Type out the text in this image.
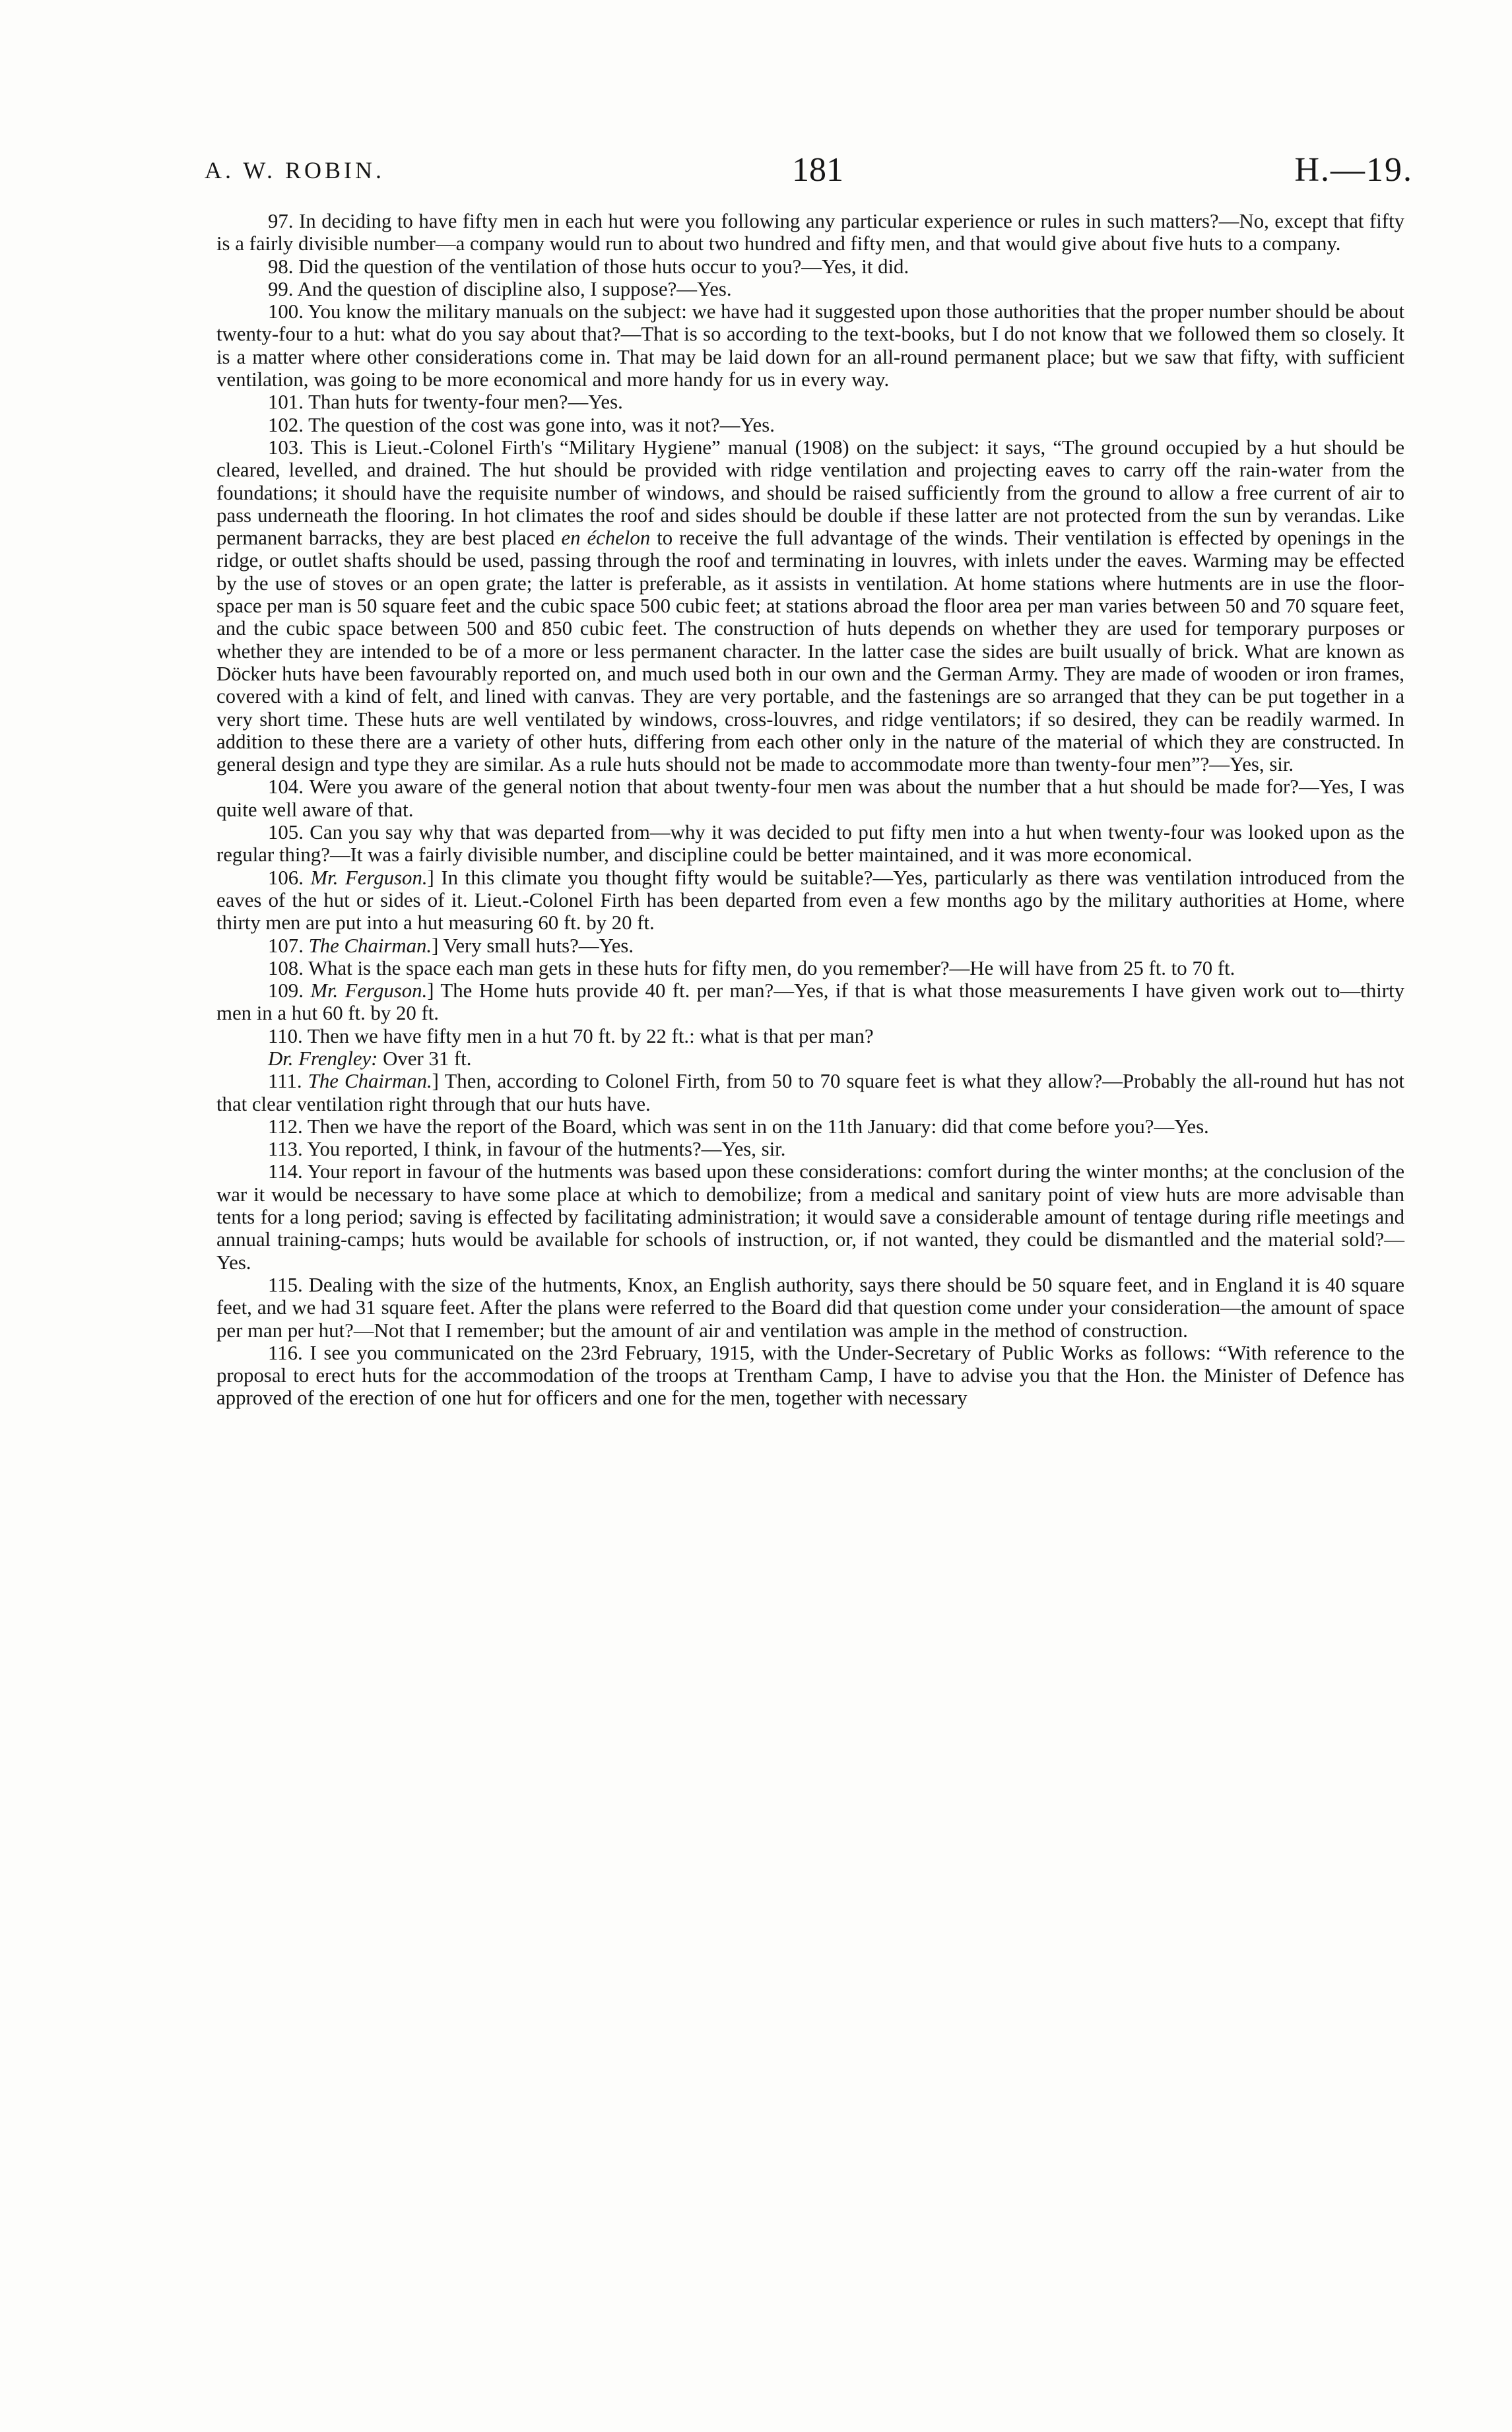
A. W. ROBIN.	181	H.—19.

97. In deciding to have fifty men in each hut were you following any particular experience or rules in such matters?—No, except that fifty is a fairly divisible number—a company would run to about two hundred and fifty men, and that would give about five huts to a company.

98. Did the question of the ventilation of those huts occur to you?—Yes, it did.

99. And the question of discipline also, I suppose?—Yes.

100. You know the military manuals on the subject: we have had it suggested upon those authorities that the proper number should be about twenty-four to a hut: what do you say about that?—That is so according to the text-books, but I do not know that we followed them so closely. It is a matter where other considerations come in. That may be laid down for an all-round permanent place; but we saw that fifty, with sufficient ventilation, was going to be more economical and more handy for us in every way.

101. Than huts for twenty-four men?—Yes.

102. The question of the cost was gone into, was it not?—Yes.

103. This is Lieut.-Colonel Firth's “Military Hygiene” manual (1908) on the subject: it says, “The ground occupied by a hut should be cleared, levelled, and drained. The hut should be provided with ridge ventilation and projecting eaves to carry off the rain-water from the foundations; it should have the requisite number of windows, and should be raised sufficiently from the ground to allow a free current of air to pass underneath the flooring. In hot climates the roof and sides should be double if these latter are not protected from the sun by verandas. Like permanent barracks, they are best placed en échelon to receive the full advantage of the winds. Their ventilation is effected by openings in the ridge, or outlet shafts should be used, passing through the roof and terminating in louvres, with inlets under the eaves. Warming may be effected by the use of stoves or an open grate; the latter is preferable, as it assists in ventilation. At home stations where hutments are in use the floor-space per man is 50 square feet and the cubic space 500 cubic feet; at stations abroad the floor area per man varies between 50 and 70 square feet, and the cubic space between 500 and 850 cubic feet. The construction of huts depends on whether they are used for temporary purposes or whether they are intended to be of a more or less permanent character. In the latter case the sides are built usually of brick. What are known as Döcker huts have been favourably reported on, and much used both in our own and the German Army. They are made of wooden or iron frames, covered with a kind of felt, and lined with canvas. They are very portable, and the fastenings are so arranged that they can be put together in a very short time. These huts are well ventilated by windows, cross-louvres, and ridge ventilators; if so desired, they can be readily warmed. In addition to these there are a variety of other huts, differing from each other only in the nature of the material of which they are constructed. In general design and type they are similar. As a rule huts should not be made to accommodate more than twenty-four men”?—Yes, sir.

104. Were you aware of the general notion that about twenty-four men was about the number that a hut should be made for?—Yes, I was quite well aware of that.

105. Can you say why that was departed from—why it was decided to put fifty men into a hut when twenty-four was looked upon as the regular thing?—It was a fairly divisible number, and discipline could be better maintained, and it was more economical.

106. Mr. Ferguson.] In this climate you thought fifty would be suitable?—Yes, particularly as there was ventilation introduced from the eaves of the hut or sides of it. Lieut.-Colonel Firth has been departed from even a few months ago by the military authorities at Home, where thirty men are put into a hut measuring 60 ft. by 20 ft.

107. The Chairman.] Very small huts?—Yes.

108. What is the space each man gets in these huts for fifty men, do you remember?—He will have from 25 ft. to 70 ft.

109. Mr. Ferguson.] The Home huts provide 40 ft. per man?—Yes, if that is what those measurements I have given work out to—thirty men in a hut 60 ft. by 20 ft.

110. Then we have fifty men in a hut 70 ft. by 22 ft.: what is that per man?

Dr. Frengley: Over 31 ft.

111. The Chairman.] Then, according to Colonel Firth, from 50 to 70 square feet is what they allow?—Probably the all-round hut has not that clear ventilation right through that our huts have.

112. Then we have the report of the Board, which was sent in on the 11th January: did that come before you?—Yes.

113. You reported, I think, in favour of the hutments?—Yes, sir.

114. Your report in favour of the hutments was based upon these considerations: comfort during the winter months; at the conclusion of the war it would be necessary to have some place at which to demobilize; from a medical and sanitary point of view huts are more advisable than tents for a long period; saving is effected by facilitating administration; it would save a considerable amount of tentage during rifle meetings and annual training-camps; huts would be available for schools of instruction, or, if not wanted, they could be dismantled and the material sold?—Yes.

115. Dealing with the size of the hutments, Knox, an English authority, says there should be 50 square feet, and in England it is 40 square feet, and we had 31 square feet. After the plans were referred to the Board did that question come under your consideration—the amount of space per man per hut?—Not that I remember; but the amount of air and ventilation was ample in the method of construction.

116. I see you communicated on the 23rd February, 1915, with the Under-Secretary of Public Works as follows: “With reference to the proposal to erect huts for the accommodation of the troops at Trentham Camp, I have to advise you that the Hon. the Minister of Defence has approved of the erection of one hut for officers and one for the men, together with necessary
